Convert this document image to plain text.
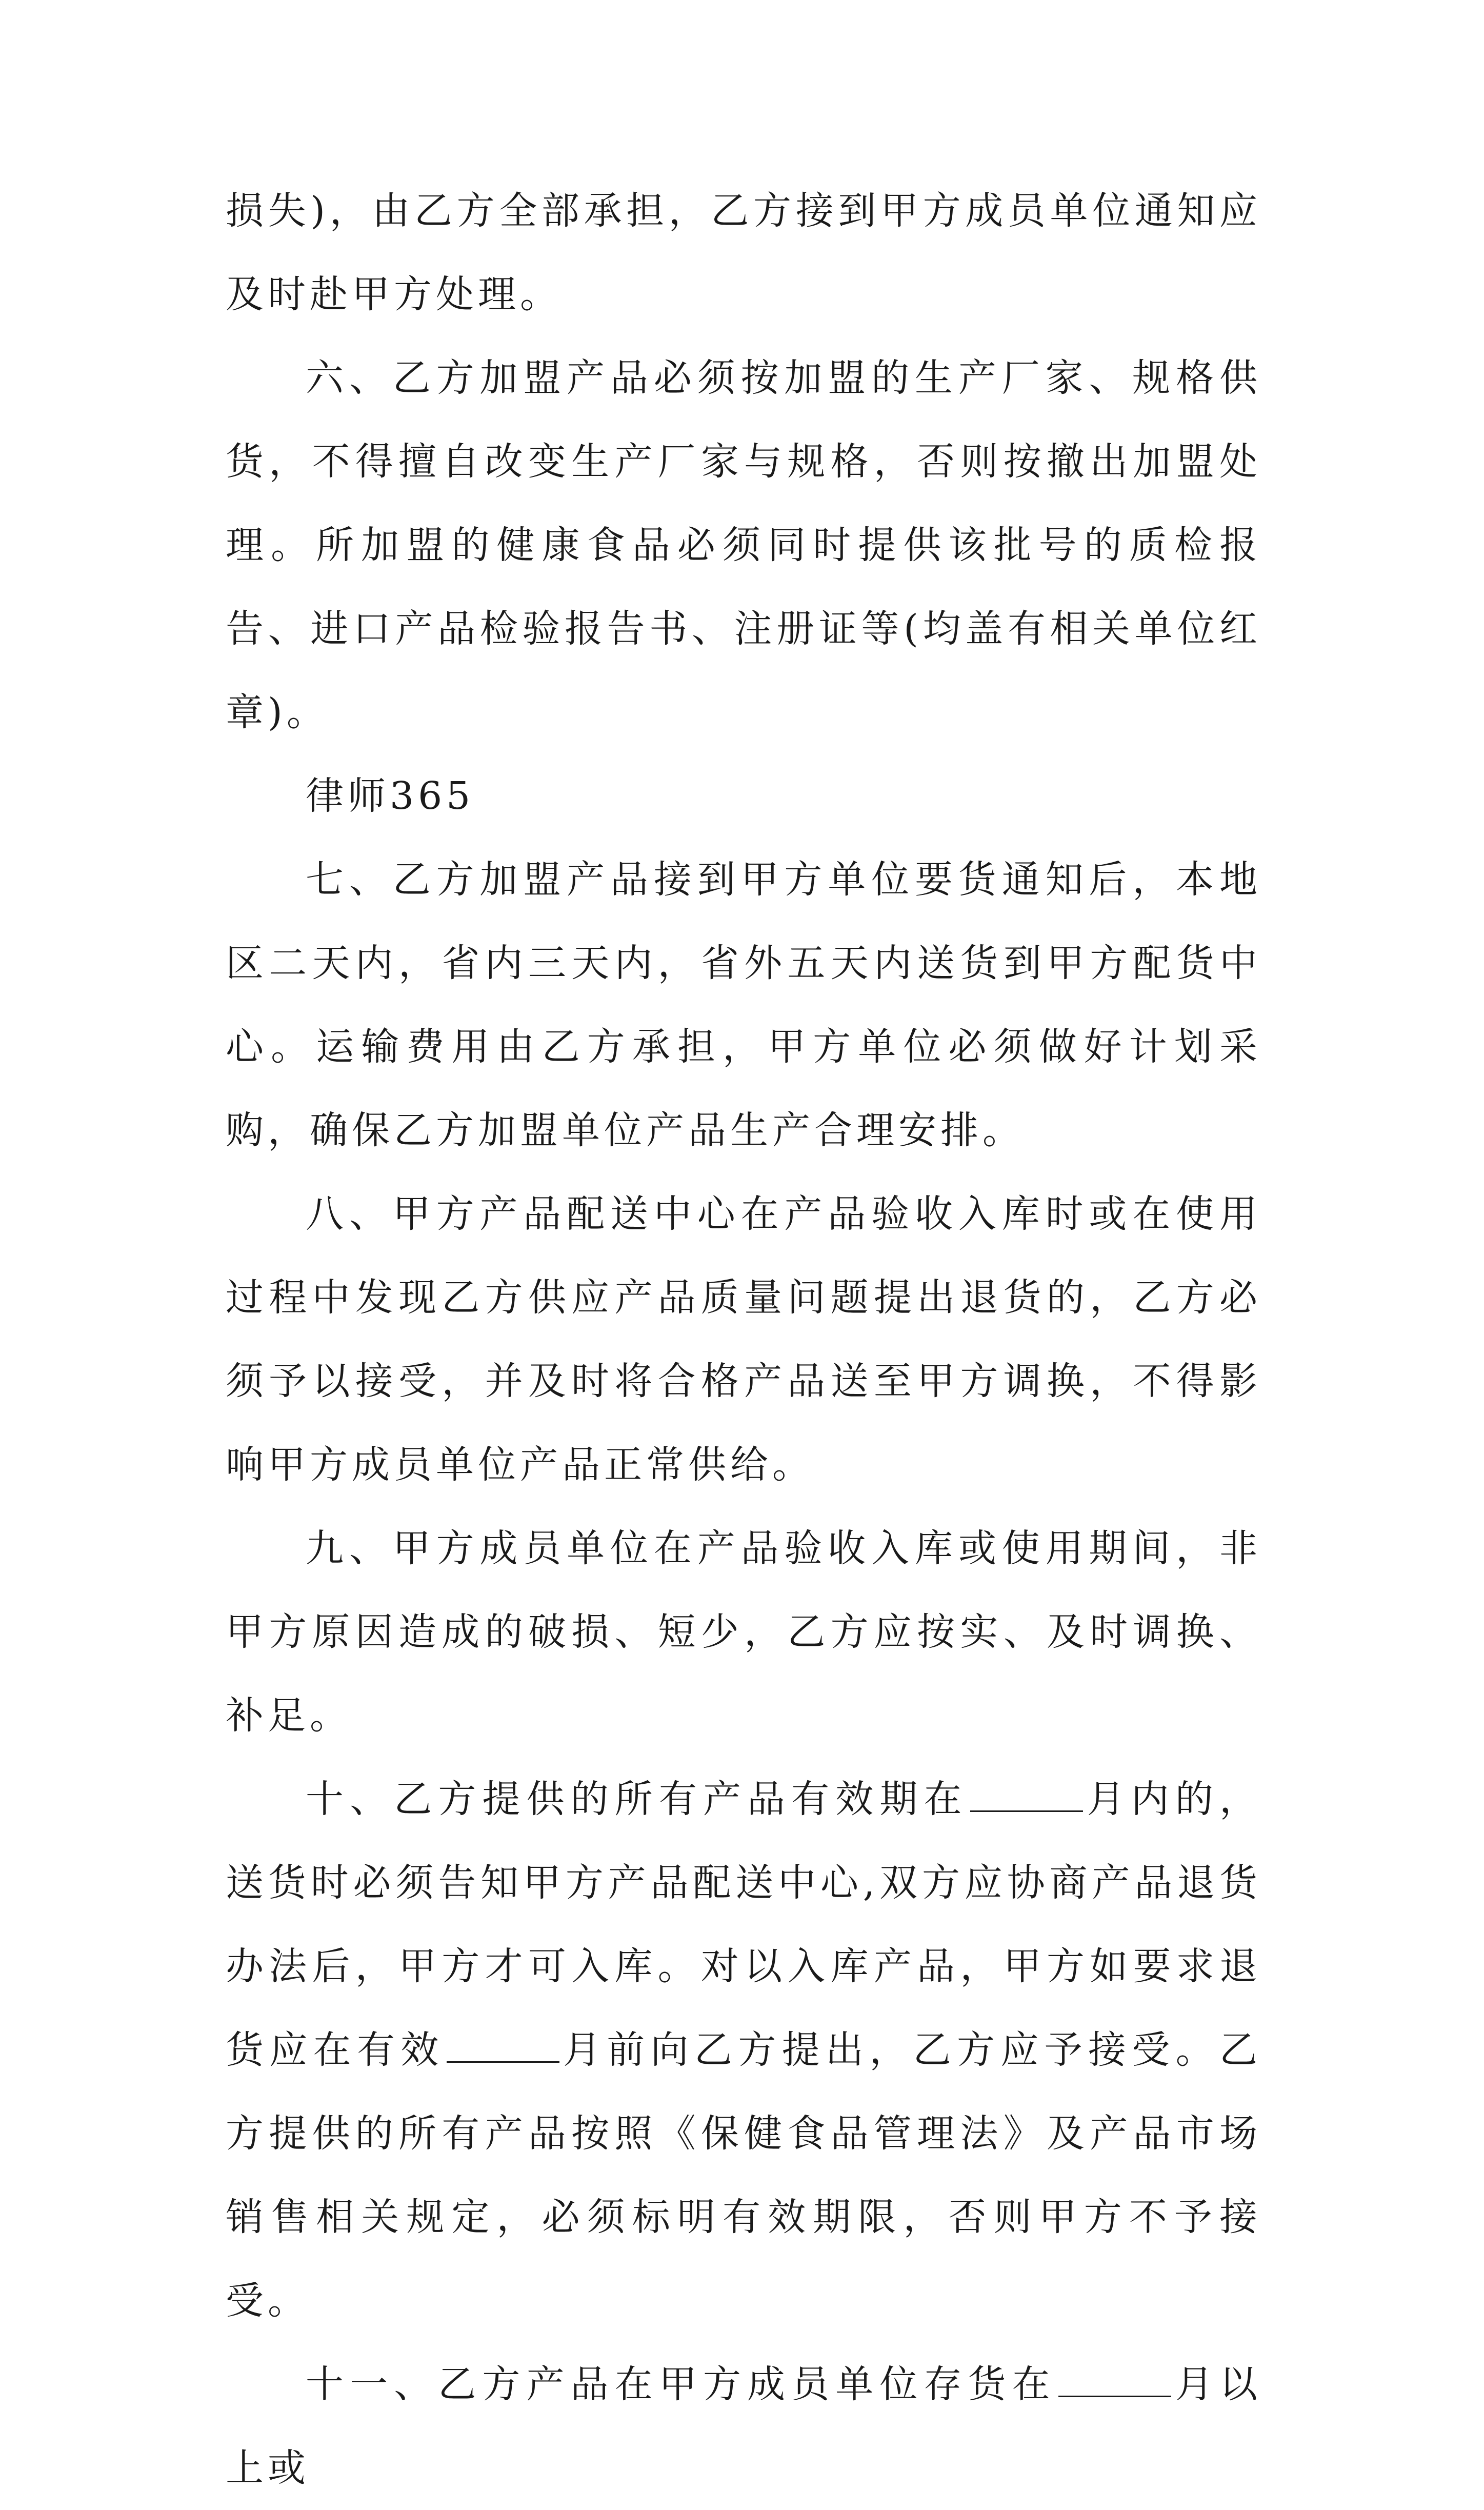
损失)，由乙方全部承担，乙方接到甲方成员单位通知应及时赴甲方处理。

六、乙方加盟产品必须按加盟的生产厂家、规格供货，不得擅自改变生产厂家与规格，否则按撤出加盟处理。所加盟的健康食品必须同时提供该批号的质检报告、进口产品检验报告书、注册证等(均盖有相关单位红章)。

律师365

七、乙方加盟产品接到甲方单位要货通知后，本地区二天内，省内三天内，省外五天内送货到甲方配货中心。运输费用由乙方承担，甲方单位必须做好计划采购，确保乙方加盟单位产品生产合理安排。

八、甲方产品配送中心在产品验收入库时或在使用过程中发现乙方供应产品质量问题提出退货的，乙方必须予以接受，并及时将合格产品送至甲方调换，不得影响甲方成员单位产品正常供给。

九、甲方成员单位在产品验收入库或使用期间，非甲方原因造成的破损、短少，乙方应按实、及时调换、补足。

十、乙方提供的所有产品有效期在	月内的，送货时必须告知甲方产品配送中心,双方应协商产品退货办法后，甲方才可入库。对以入库产品，甲方如要求退货应在有效	月前向乙方提出，乙方应予接受。乙方提供的所有产品按照《保健食品管理法》及产品市场销售相关规定，必须标明有效期限，否则甲方不予接受。

十一、乙方产品在甲方成员单位存货在	月以上或
